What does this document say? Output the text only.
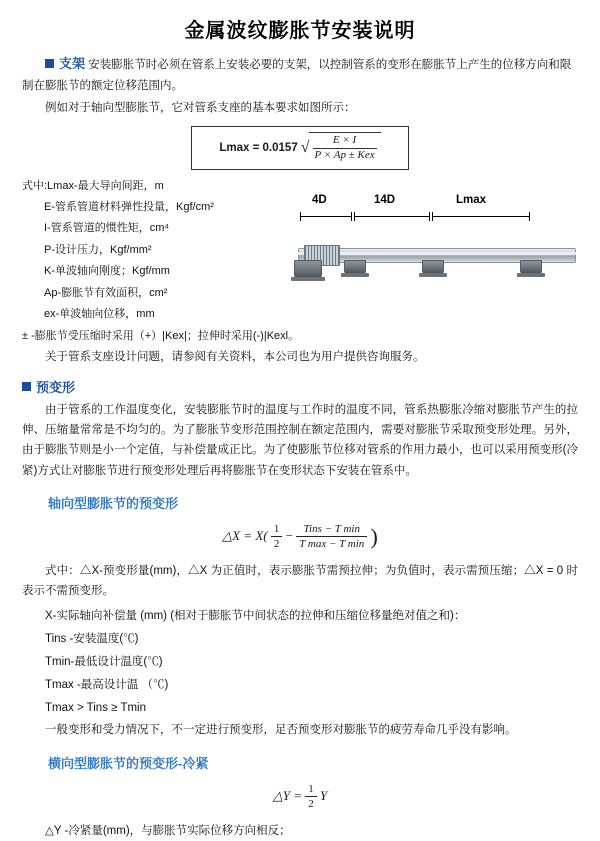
金属波纹膨胀节安装说明
支架 安装膨胀节时必须在管系上安装必要的支架，以控制管系的变形在膨胀节上产生的位移方向和限制在膨胀节的额定位移范围内。

例如对于轴向型膨胀节，它对管系支座的基本要求如图所示：

Lmax = 0.0157 √ $\frac{E \times I}{\text{P × Ap ± Kex}}$
式中:Lmax-最大导向间距，m
E-管系管道材料弹性投量，Kgf/cm²
I-管系管道的惯性矩，cm⁴
P-设计压力，Kgf/mm²
K-单波轴向刚度；Kgf/mm
Ap-膨胀节有效面积，cm²
ex-单波轴向位移，mm
± -膨胀节受压缩时采用（+）|Kex|；拉伸时采用(-)|Kexl。
4D	14D	Lmax

关于管系支座设计问题，请参阅有关资料，本公司也为用户提供咨询服务。

预变形

由于管系的工作温度变化，安装膨胀节时的温度与工作时的温度不同，管系热膨胀冷缩对膨胀节产生的拉伸、压缩量常常是不均匀的。为了膨胀节变形范围控制在额定范围内，需要对膨胀节采取预变形处理。另外，由于膨胀节则是小一个定值，与补偿量成正比。为了使膨胀节位移对管系的作用力最小，也可以采用预变形(冷紧)方式让对膨胀节进行预变形处理后再将膨胀节在变形状态下安装在管系中。

轴向型膨胀节的预变形
△X = $X( \frac{1}{2} - \frac{\text{Tins − T min}}{\text{T max − T min}}$ )

式中：△X-预变形量(mm)，△X 为正值时，表示膨胀节需预拉伸；为负值时，表示需预压缩；△X = 0 时表示不需预变形。

X-实际轴向补偿量 (mm) (相对于膨胀节中间状态的拉伸和压缩位移量绝对值之和)：
Tins -安装温度(℃)
Tmin-最低设计温度(℃)
Tmax -最高设计温 （℃)
Tmax > Tins ≥ Tmin

一般变形和受力情况下，不一定进行预变形，足否预变形对膨胀节的疲劳寿命几乎没有影响。

横向型膨胀节的预变形-冷紧
△Y = $\frac{1}{2}$ Y

△Y -冷紧量(mm)，与膨胀节实际位移方向相反；
